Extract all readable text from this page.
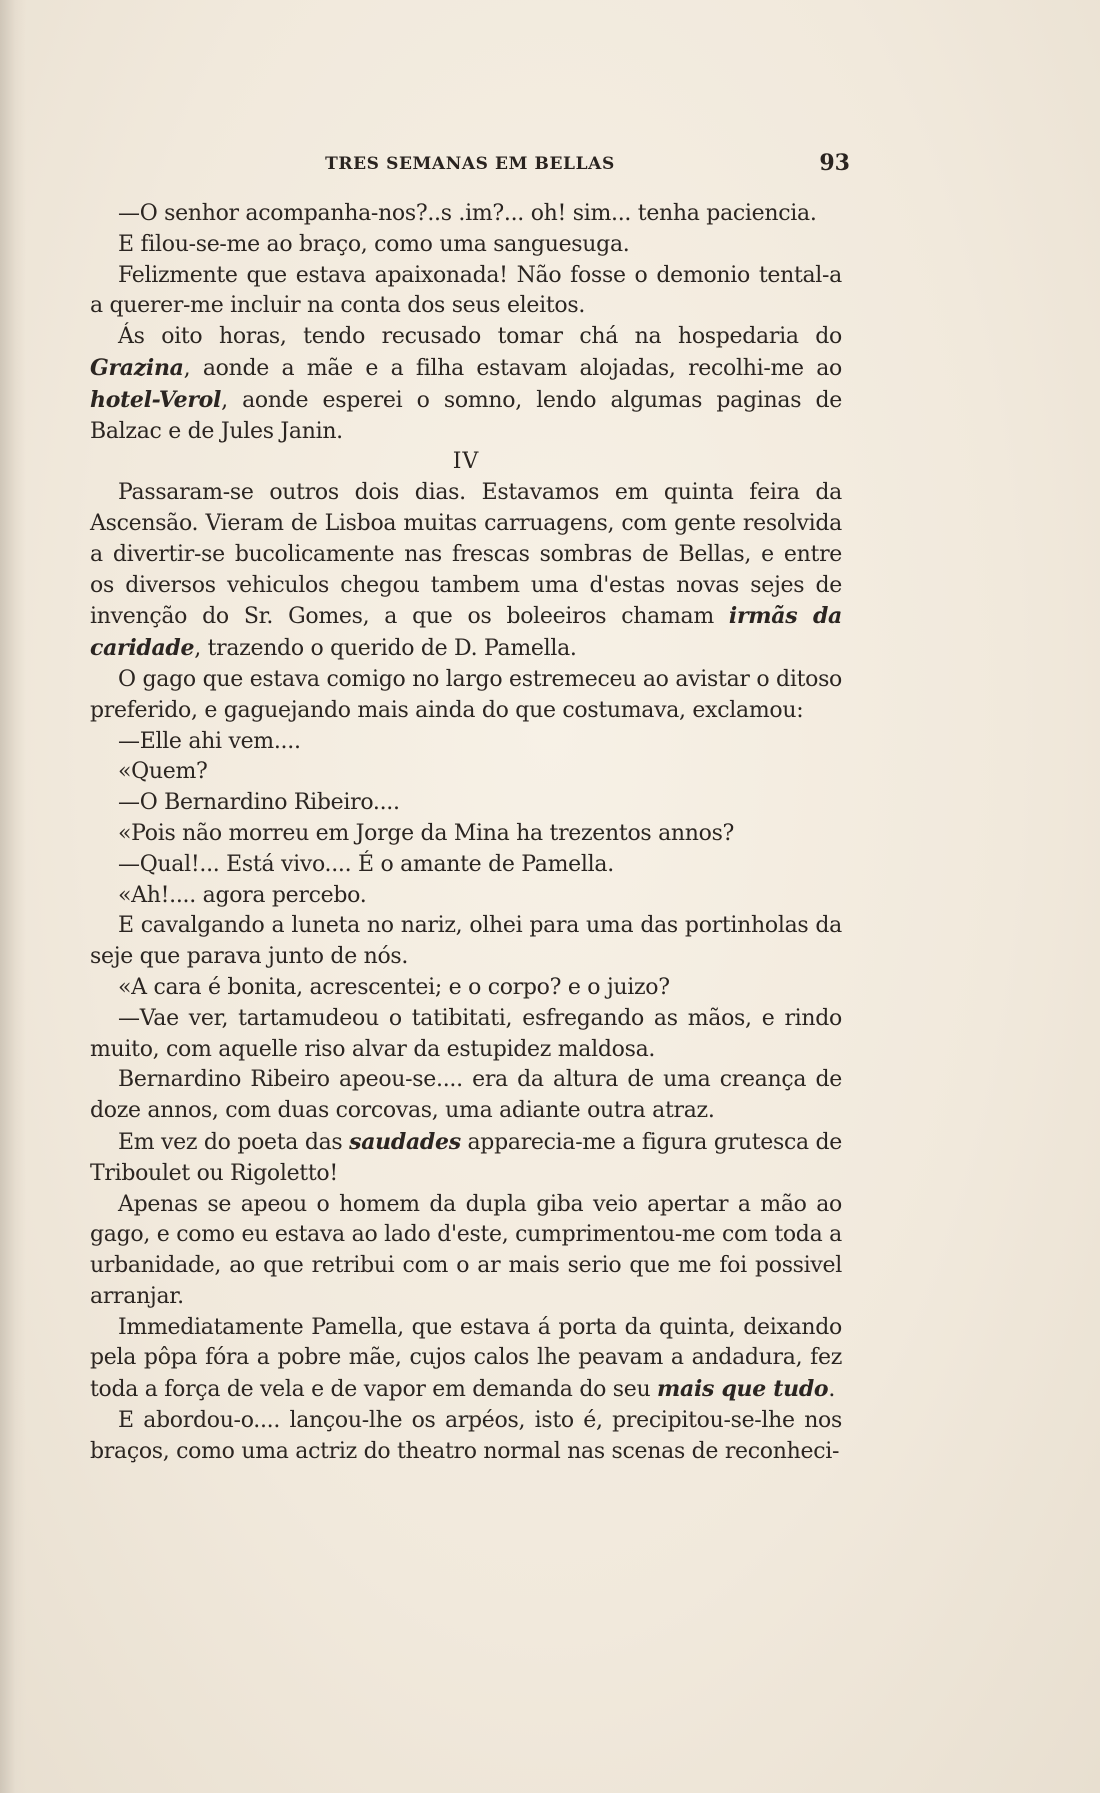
TRES SEMANAS EM BELLAS	93

—O senhor acompanha-nos?..s .im?... oh! sim... tenha paciencia.

E filou-se-me ao braço, como uma sanguesuga.

Felizmente que estava apaixonada! Não fosse o demonio tental-a a querer-me incluir na conta dos seus eleitos.

Ás oito horas, tendo recusado tomar chá na hospedaria do Grazina, aonde a mãe e a filha estavam alojadas, recolhi-me ao hotel-Verol, aonde esperei o somno, lendo algumas paginas de Balzac e de Jules Janin.

IV

Passaram-se outros dois dias. Estavamos em quinta feira da Ascensão. Vieram de Lisboa muitas carruagens, com gente resolvida a divertir-se bucolicamente nas frescas sombras de Bellas, e entre os diversos vehiculos chegou tambem uma d'estas novas sejes de invenção do Sr. Gomes, a que os boleeiros chamam irmãs da caridade, trazendo o querido de D. Pamella.

O gago que estava comigo no largo estremeceu ao avistar o ditoso preferido, e gaguejando mais ainda do que costumava, exclamou:

—Elle ahi vem....

«Quem?

—O Bernardino Ribeiro....

«Pois não morreu em Jorge da Mina ha trezentos annos?

—Qual!... Está vivo.... É o amante de Pamella.

«Ah!.... agora percebo.

E cavalgando a luneta no nariz, olhei para uma das portinholas da seje que parava junto de nós.

«A cara é bonita, acrescentei; e o corpo? e o juizo?

—Vae ver, tartamudeou o tatibitati, esfregando as mãos, e rindo muito, com aquelle riso alvar da estupidez maldosa.

Bernardino Ribeiro apeou-se.... era da altura de uma creança de doze annos, com duas corcovas, uma adiante outra atraz.

Em vez do poeta das saudades apparecia-me a figura grutesca de Triboulet ou Rigoletto!

Apenas se apeou o homem da dupla giba veio apertar a mão ao gago, e como eu estava ao lado d'este, cumprimentou-me com toda a urbanidade, ao que retribui com o ar mais serio que me foi possivel arranjar.

Immediatamente Pamella, que estava á porta da quinta, deixando pela pôpa fóra a pobre mãe, cujos calos lhe peavam a andadura, fez toda a força de vela e de vapor em demanda do seu mais que tudo.

E abordou-o.... lançou-lhe os arpéos, isto é, precipitou-se-lhe nos braços, como uma actriz do theatro normal nas scenas de reconheci-
